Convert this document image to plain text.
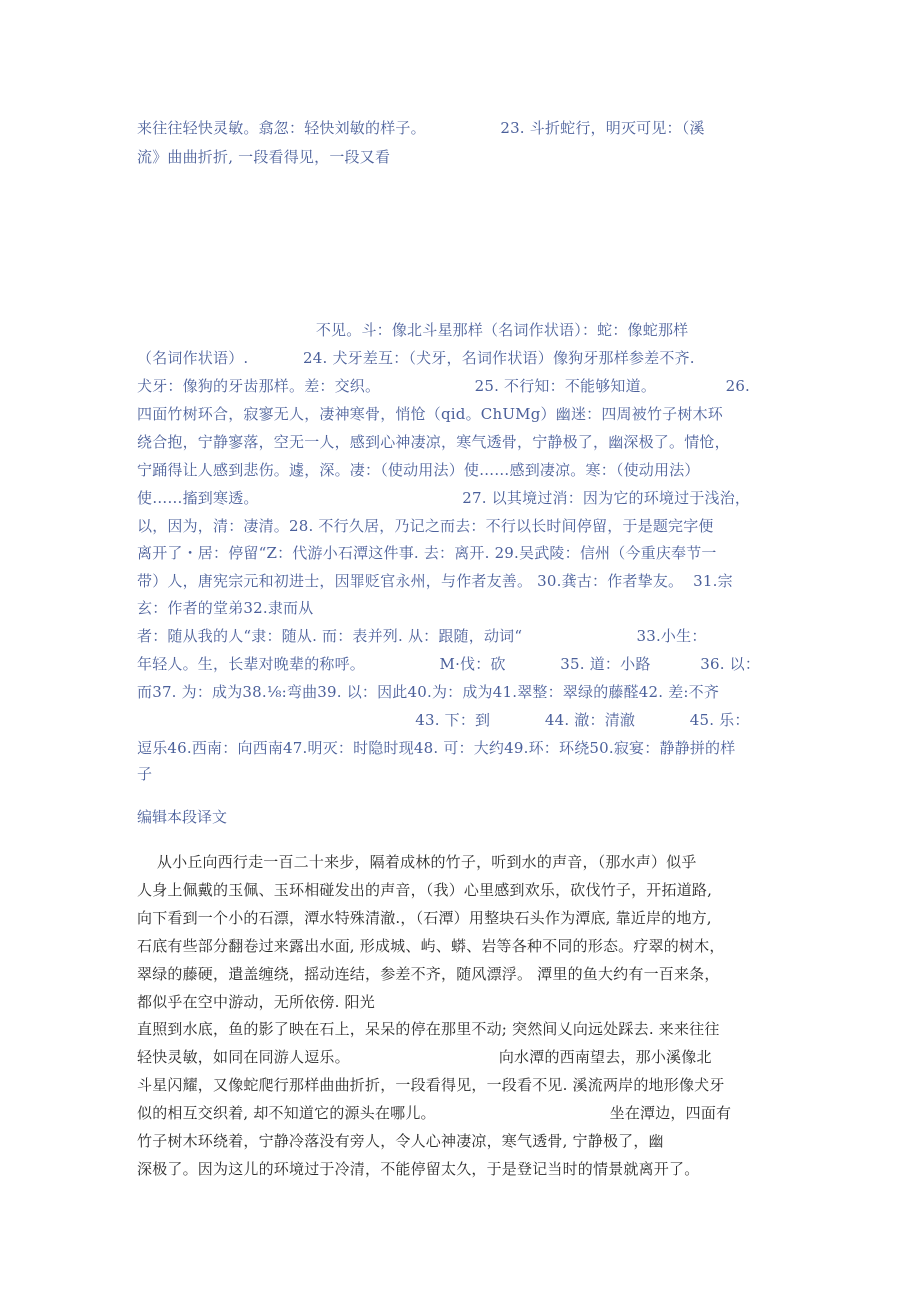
来往往轻快灵敏。翕忽：轻快刘敏的样子。               23. 斗折蛇行，明灭可见：（溪
流》曲曲折折, 一段看得见，一段又看
不见。斗：像北斗星那样（名词作状语）：蛇：像蛇那样
（名词作状语）.           24. 犬牙差互：（犬牙，名词作状语）像狗牙那样参差不齐.
犬牙：像狗的牙齿那样。差：交织。                   25. 不行知：不能够知道。              26.
四面竹树环合，寂寥无人，凄神寒骨，悄怆（qid。ChUMg）幽迷：四周被竹子树木环
绕合抱，宁静寥落，空无一人，感到心神凄凉，寒气透骨，宁静极了，幽深极了。情怆，
宁踊得让人感到悲伤。遽，深。凄：（使动用法）使……感到凄凉。寒：（使动用法）
使……搐到寒透。                                         27. 以其境过消：因为它的环境过于浅治，
以，因为，清：凄清。28. 不行久居，乃记之而去：不行以长时间停留，于是题完字便
离开了・居：停留“Z：代游小石潭这件事. 去：离开. 29.吴武陵：信州（今重庆奉节一
带）人，唐宪宗元和初进士，因罪贬官永州，与作者友善。 30.龚古：作者挚友。  31.宗
玄：作者的堂弟32.隶而从
者：随从我的人“隶：随从. 而：表并列. 从：跟随，动词“                       33.小生：
年轻人。生，长辈对晚辈的称呼。               M·伐：砍           35. 道：小路          36. 以：
而37. 为：成为38.⅛:弯曲39. 以：因此40.为：成为41.翠整：翠绿的藤醛42. 差:不齐
43. 下：到           44. 澈：清澈           45. 乐：
逗乐46.西南：向西南47.明灭：时隐时现48. 可：大约49.环：环绕50.寂宴：静静拼的样
子
编辑本段译文
从小丘向西行走一百二十来步，隔着成林的竹子，听到水的声音，（那水声）似乎
人身上佩戴的玉佩、玉环相碰发出的声音，（我）心里感到欢乐，砍伐竹子，开拓道路,
向下看到一个小的石漂，潭水特殊清澈.，（石潭）用整块石头作为潭底, 靠近岸的地方,
石底有些部分翻卷过来露出水面, 形成城、屿、蟒、岩等各种不同的形态。疗翠的树木，
翠绿的藤硬，遣盖缠绕，摇动连结，参差不齐，随风漂浮。 潭里的鱼大约有一百来条，
都似乎在空中游动，无所依傍. 阳光
直照到水底，鱼的影了映在石上，呆呆的停在那里不动; 突然间乂向远处踩去. 来来往往
轻快灵敏，如同在同游人逗乐。                              向水潭的西南望去，那小溪像北
斗星闪耀，又像蛇爬行那样曲曲折折，一段看得见，一段看不见. 溪流两岸的地形像犬牙
似的相互交织着, 却不知道它的源头在哪儿。                                   坐在潭边，四面有
竹子树木环绕着，宁静冷落没有旁人，令人心神凄凉，寒气透骨, 宁静极了，幽
深极了。因为这儿的环境过于冷清，不能停留太久，于是登记当时的情景就离开了。
